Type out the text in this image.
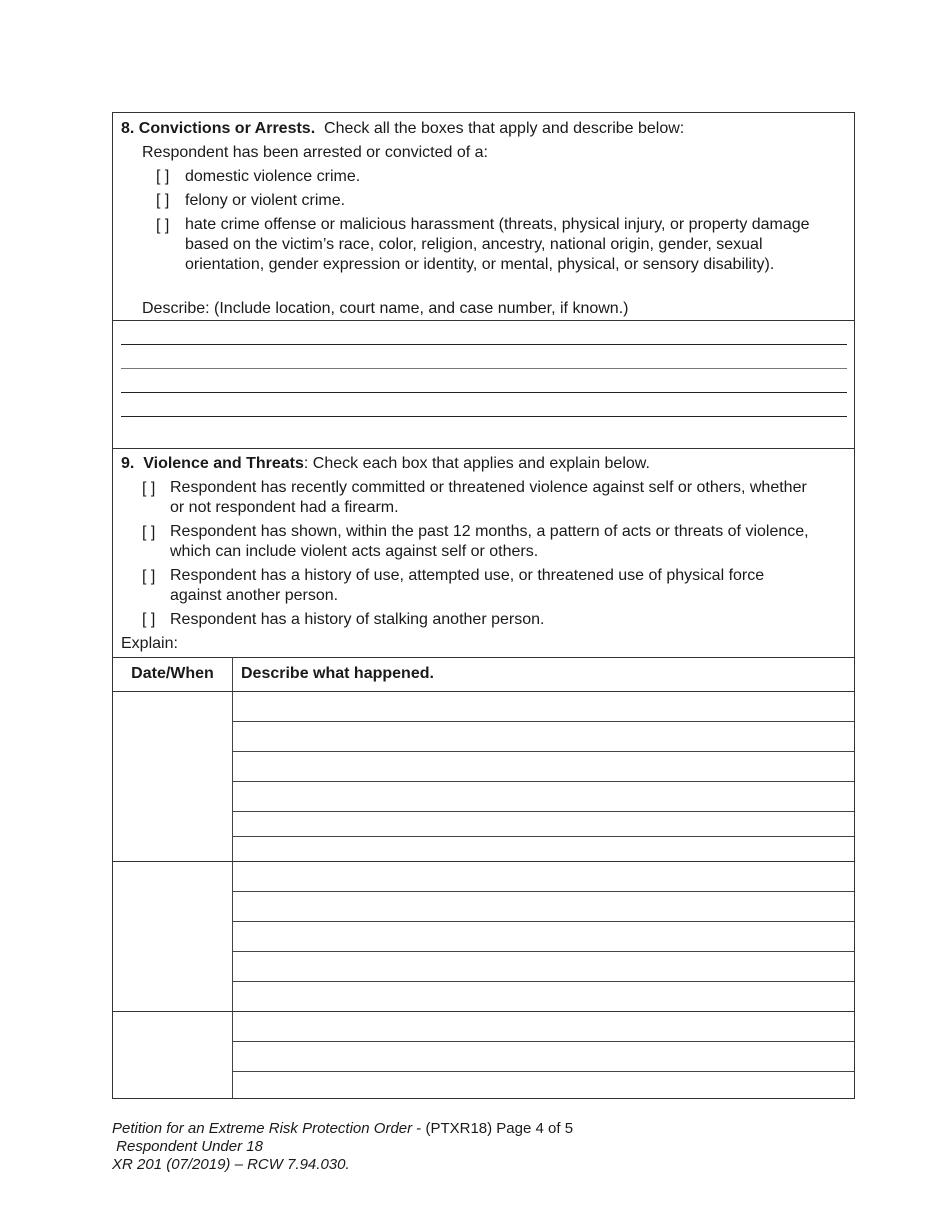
8. Convictions or Arrests. Check all the boxes that apply and describe below:
Respondent has been arrested or convicted of a:
[ ] domestic violence crime.
[ ] felony or violent crime.
[ ] hate crime offense or malicious harassment (threats, physical injury, or property damage based on the victim’s race, color, religion, ancestry, national origin, gender, sexual orientation, gender expression or identity, or mental, physical, or sensory disability).
Describe: (Include location, court name, and case number, if known.)
9. Violence and Threats: Check each box that applies and explain below.
[ ] Respondent has recently committed or threatened violence against self or others, whether or not respondent had a firearm.
[ ] Respondent has shown, within the past 12 months, a pattern of acts or threats of violence, which can include violent acts against self or others.
[ ] Respondent has a history of use, attempted use, or threatened use of physical force against another person.
[ ] Respondent has a history of stalking another person.
Explain:
Date/When	Describe what happened.
Petition for an Extreme Risk Protection Order - (PTXR18) Page 4 of 5
Respondent Under 18
XR 201 (07/2019) – RCW 7.94.030.
